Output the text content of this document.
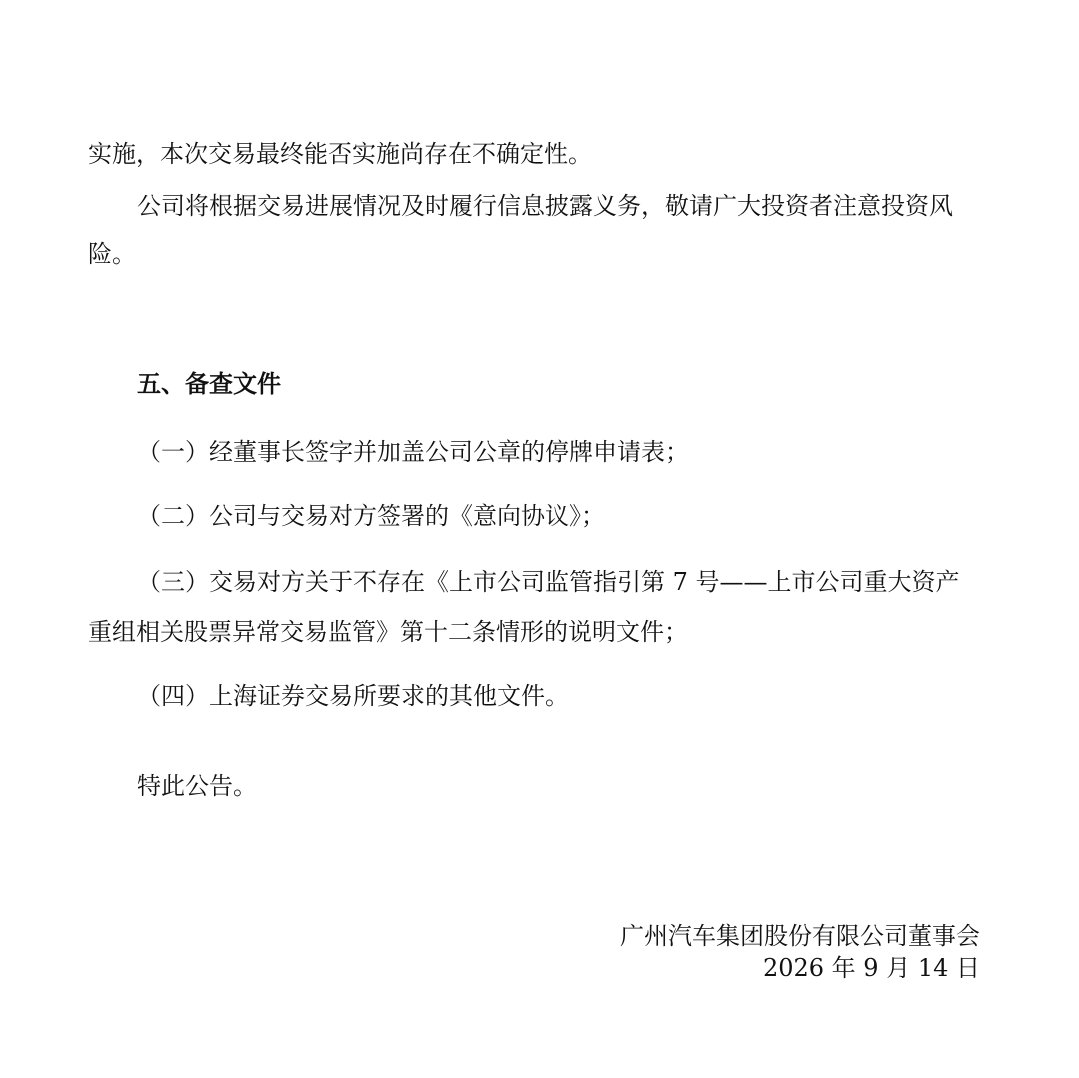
实施，本次交易最终能否实施尚存在不确定性。
公司将根据交易进展情况及时履行信息披露义务，敬请广大投资者注意投资风
险。
五、备查文件
（一）经董事长签字并加盖公司公章的停牌申请表；
（二）公司与交易对方签署的《意向协议》；
（三）交易对方关于不存在《上市公司监管指引第 7 号——上市公司重大资产
重组相关股票异常交易监管》第十二条情形的说明文件；
（四）上海证券交易所要求的其他文件。
特此公告。
广州汽车集团股份有限公司董事会
2026 年 9 月 14 日
